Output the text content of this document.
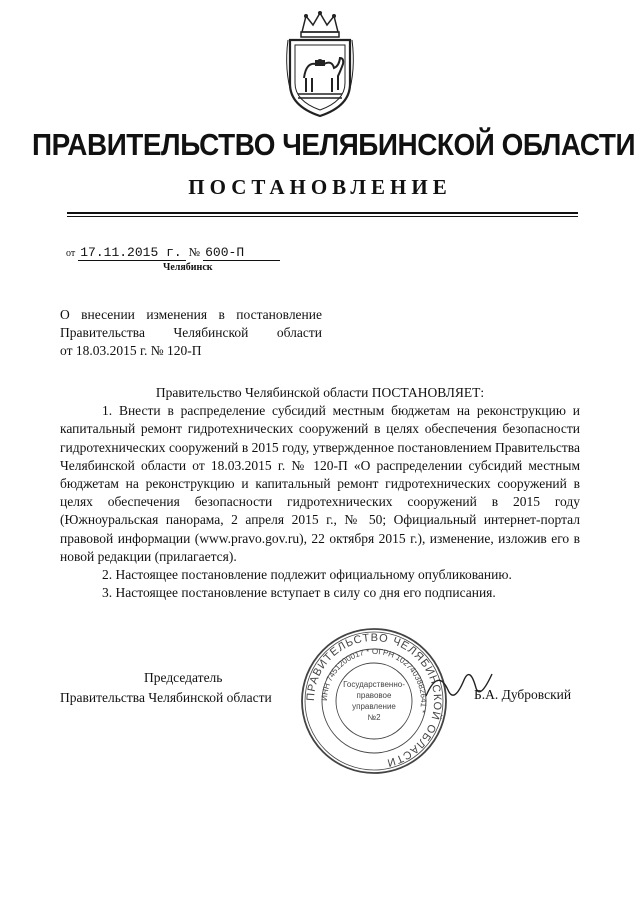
ПРАВИТЕЛЬСТВО ЧЕЛЯБИНСКОЙ ОБЛАСТИ
ПОСТАНОВЛЕНИЕ
от 17.11.2015 г. № 600-П
Челябинск
О внесении изменения в постановление
Правительства Челябинской области
от 18.03.2015 г. № 120-П

Правительство Челябинской области ПОСТАНОВЛЯЕТ:

1. Внести в распределение субсидий местным бюджетам на реконструкцию и капитальный ремонт гидротехнических сооружений в целях обеспечения безопасности гидротехнических сооружений в 2015 году, утвержденное постановлением Правительства Челябинской области от 18.03.2015 г. № 120-П «О распределении субсидий местным бюджетам на реконструкцию и капитальный ремонт гидротехнических сооружений в целях обеспечения безопасности гидротехнических сооружений в 2015 году (Южноуральская панорама, 2 апреля 2015 г., № 50; Официальный интернет-портал правовой информации (www.pravo.gov.ru), 22 октября 2015 г.), изменение, изложив его в новой редакции (прилагается).

2. Настоящее постановление подлежит официальному опубликованию.

3. Настоящее постановление вступает в силу со дня его подписания.

Председатель
Правительства Челябинской области	ПРАВИТЕЛЬСТВО ЧЕЛЯБИНСКОЙ ОБЛАСТИ
ИНН 7451200017 * ОГРН 1027403882641 *
Государственно-
правовое
управление
№2
Б.А. Дубровский
